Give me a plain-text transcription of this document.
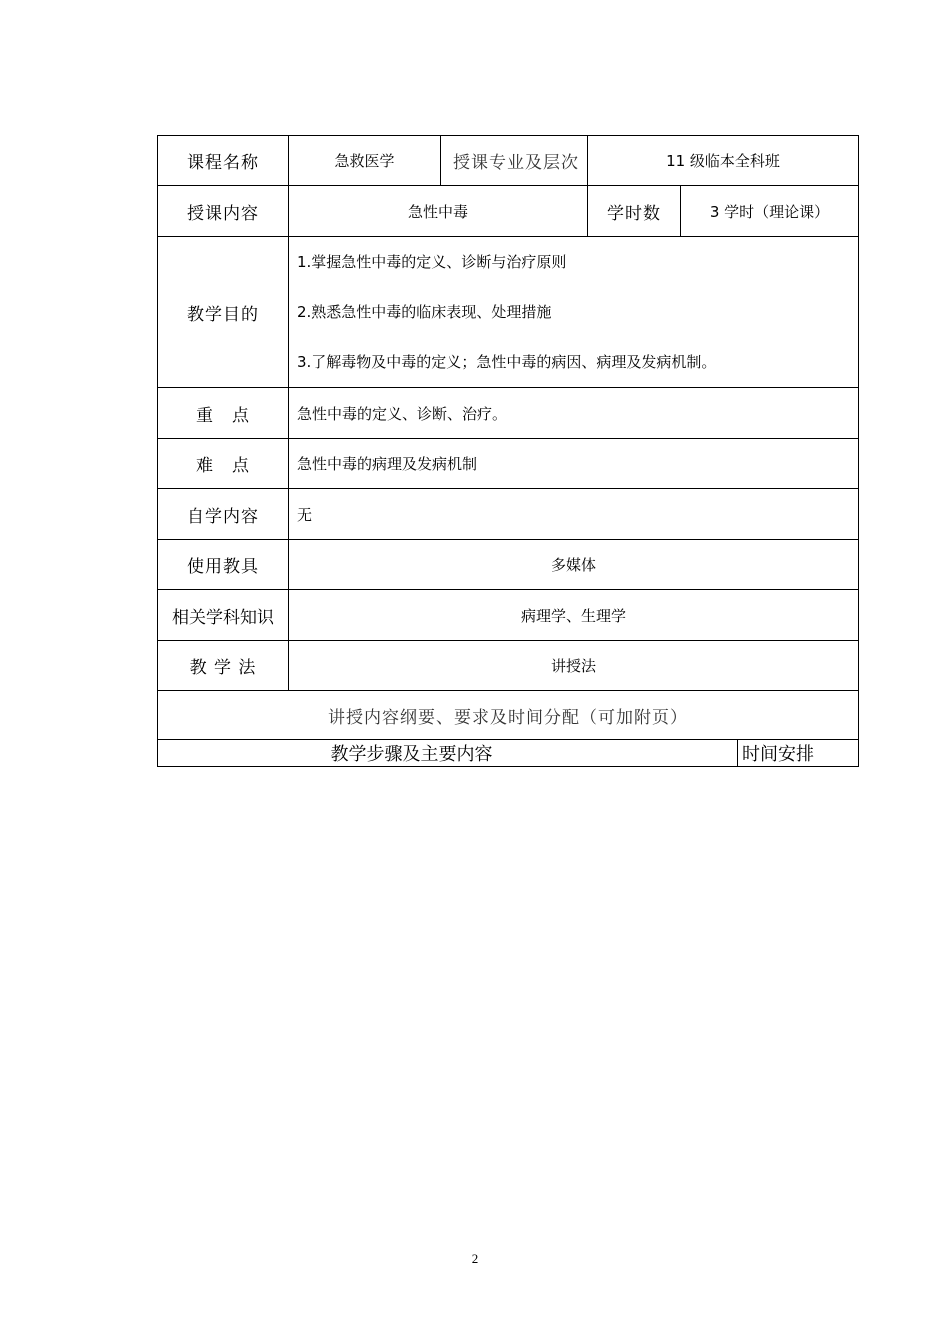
课程名称	急救医学	授课专业及层次	11 级临本全科班		
授课内容	急性中毒		学时数	3 学时（理论课）	
教学目的	1.掌握急性中毒的定义、诊断与治疗原则
2.熟悉急性中毒的临床表现、处理措施
3.了解毒物及中毒的定义；急性中毒的病因、病理及发病机制。				

重　点	急性中毒的定义、诊断、治疗。				
难　点	急性中毒的病理及发病机制				
自学内容	无				
使用教具	多媒体				
相关学科知识	病理学、生理学				
教 学 法	讲授法				
讲授内容纲要、要求及时间分配（可加附页）					
教学步骤及主要内容					时间安排
2
